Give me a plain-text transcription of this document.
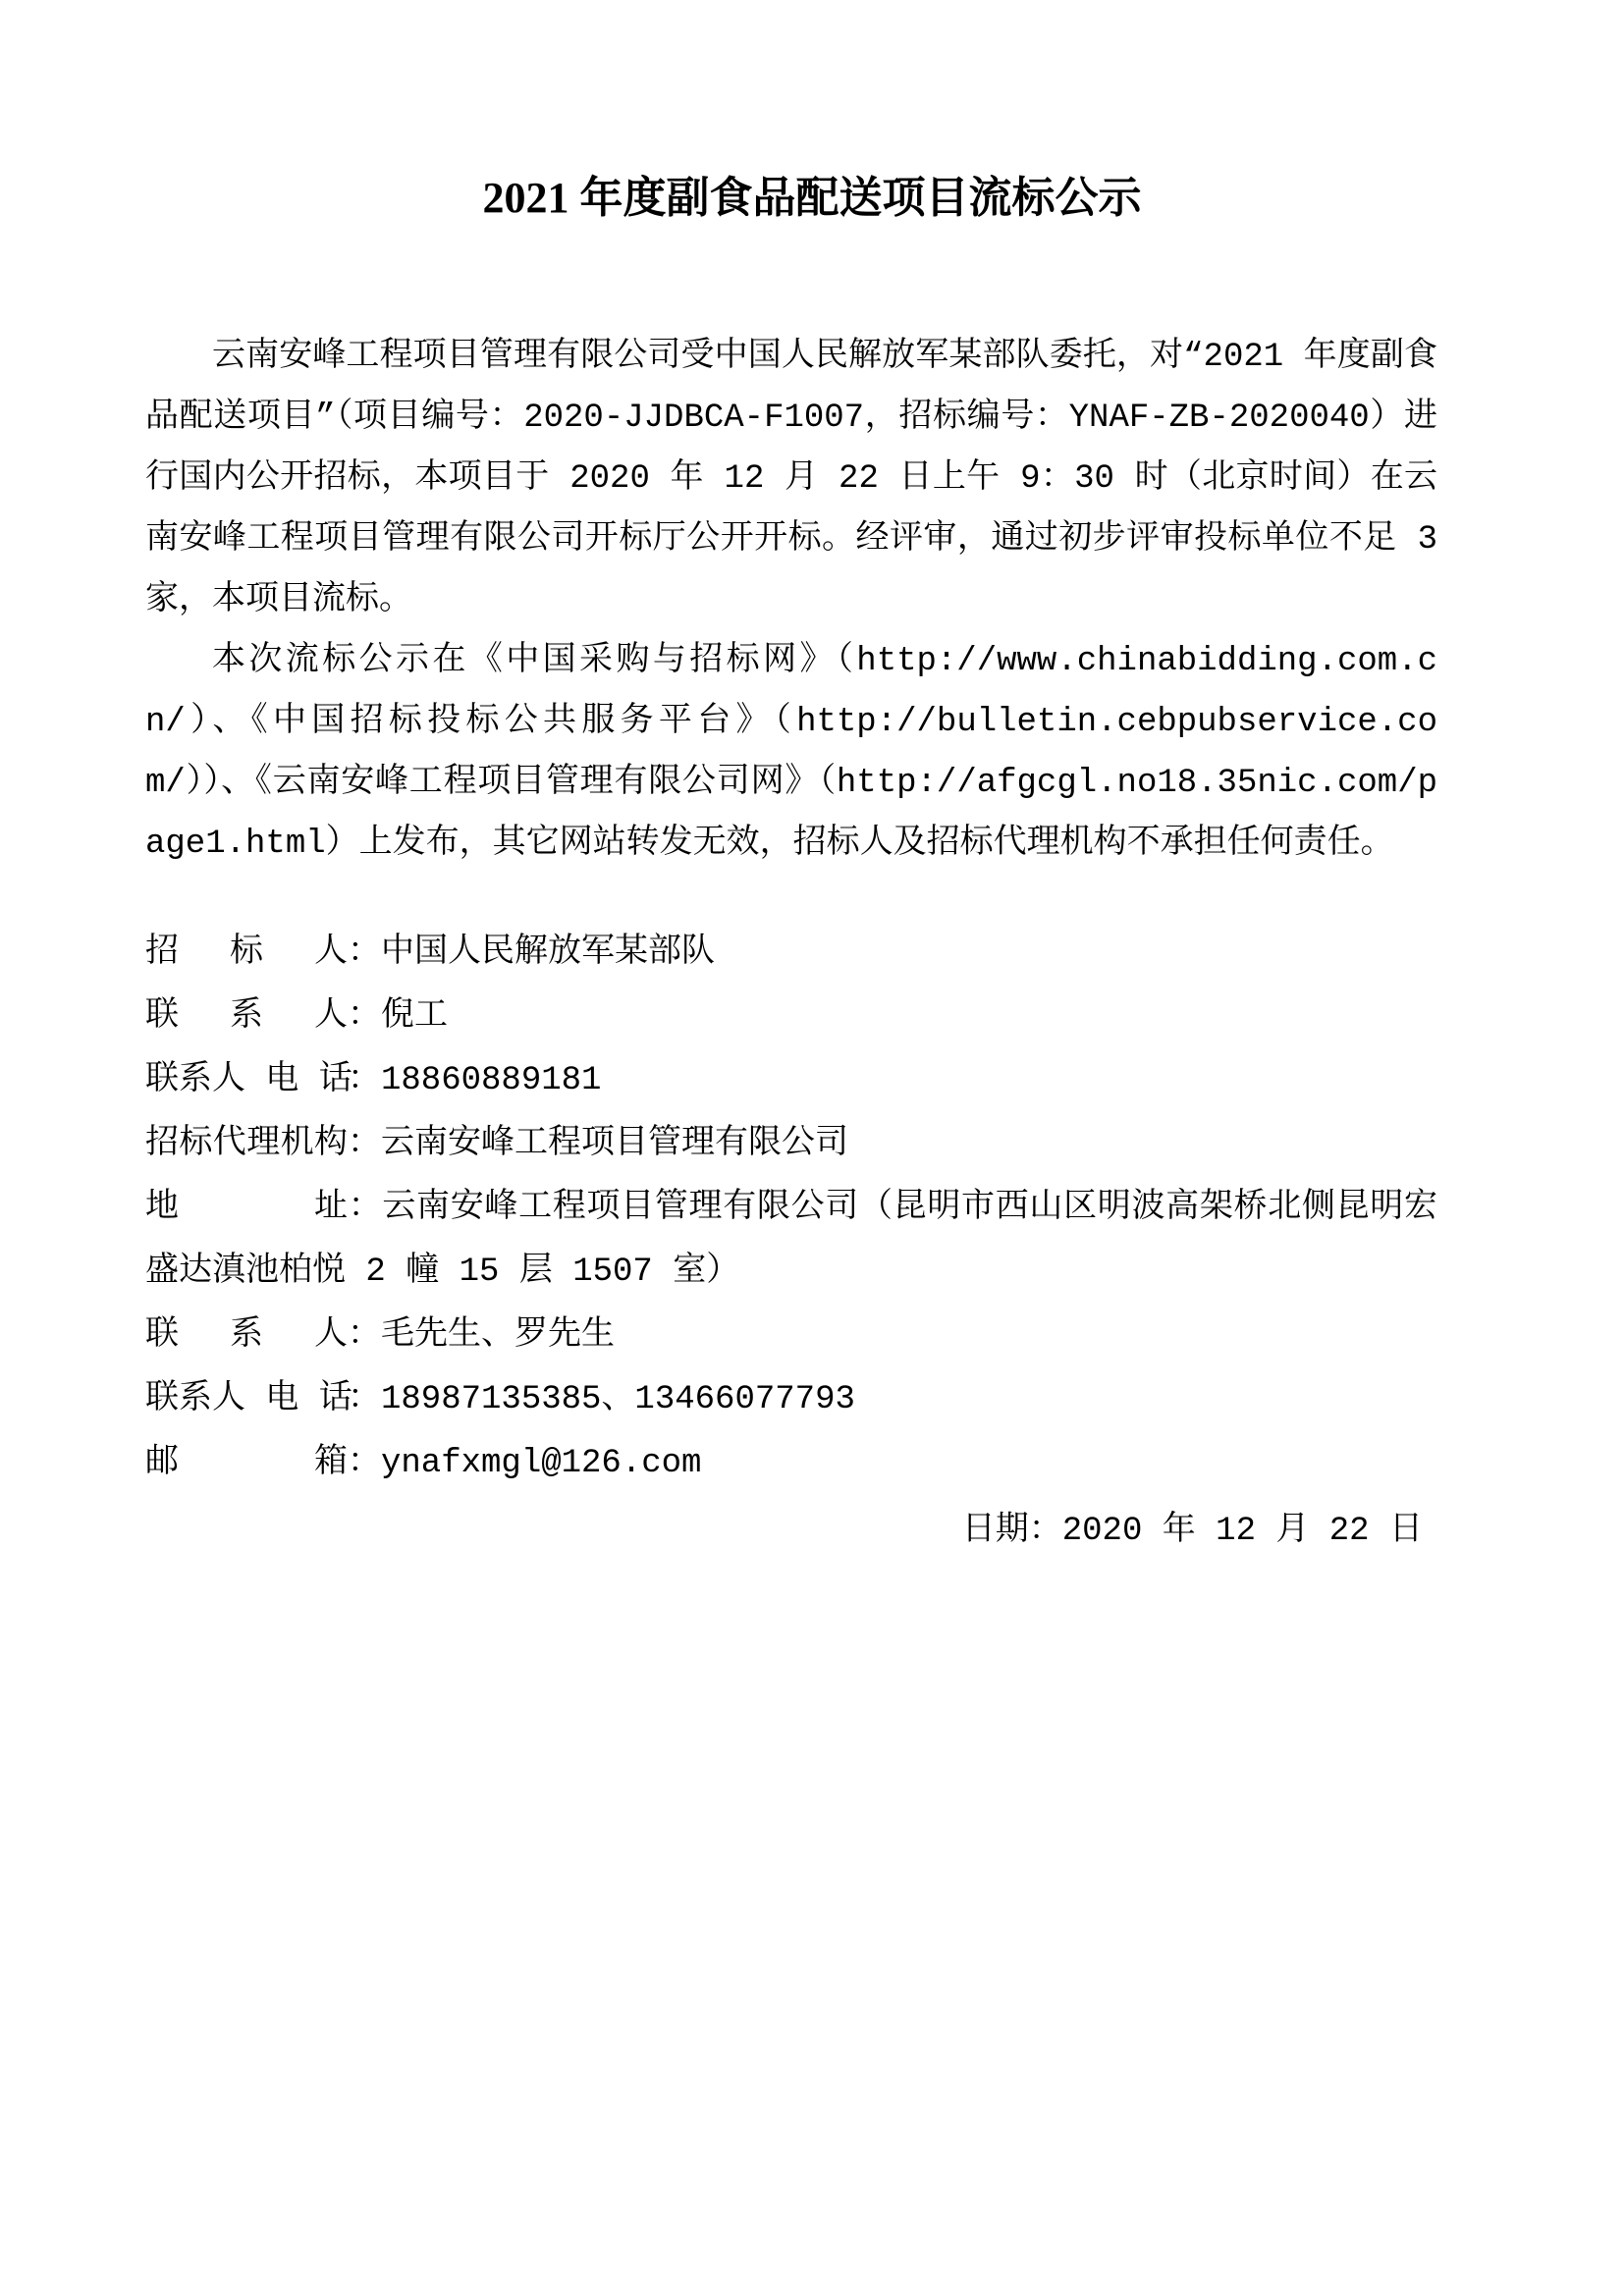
2021 年度副食品配送项目流标公示

云南安峰工程项目管理有限公司受中国人民解放军某部队委托，对“2021 年度副食品配送项目”（项目编号：2020-JJDBCA-F1007，招标编号：YNAF-ZB-2020040）进行国内公开招标，本项目于 2020 年 12 月 22 日上午 9：30 时（北京时间）在云南安峰工程项目管理有限公司开标厅公开开标。经评审，通过初步评审投标单位不足 3 家，本项目流标。

本次流标公示在《中国采购与招标网》（http://www.chinabidding.com.cn/）、《中国招标投标公共服务平台》（http://bulletin.cebpubservice.com/））、《云南安峰工程项目管理有限公司网》（http://afgcgl.no18.35nic.com/page1.html）上发布，其它网站转发无效，招标人及招标代理机构不承担任何责任。

招标人：中国人民解放军某部队
联系人：倪工
联系人 电 话：18860889181
招标代理机构：云南安峰工程项目管理有限公司
地址：云南安峰工程项目管理有限公司（昆明市西山区明波高架桥北侧昆明宏盛达滇池柏悦 2 幢 15 层 1507 室）
联系人：毛先生、罗先生
联系人 电 话：18987135385、13466077793
邮箱：ynafxmgl@126.com
日期：2020 年 12 月 22 日
